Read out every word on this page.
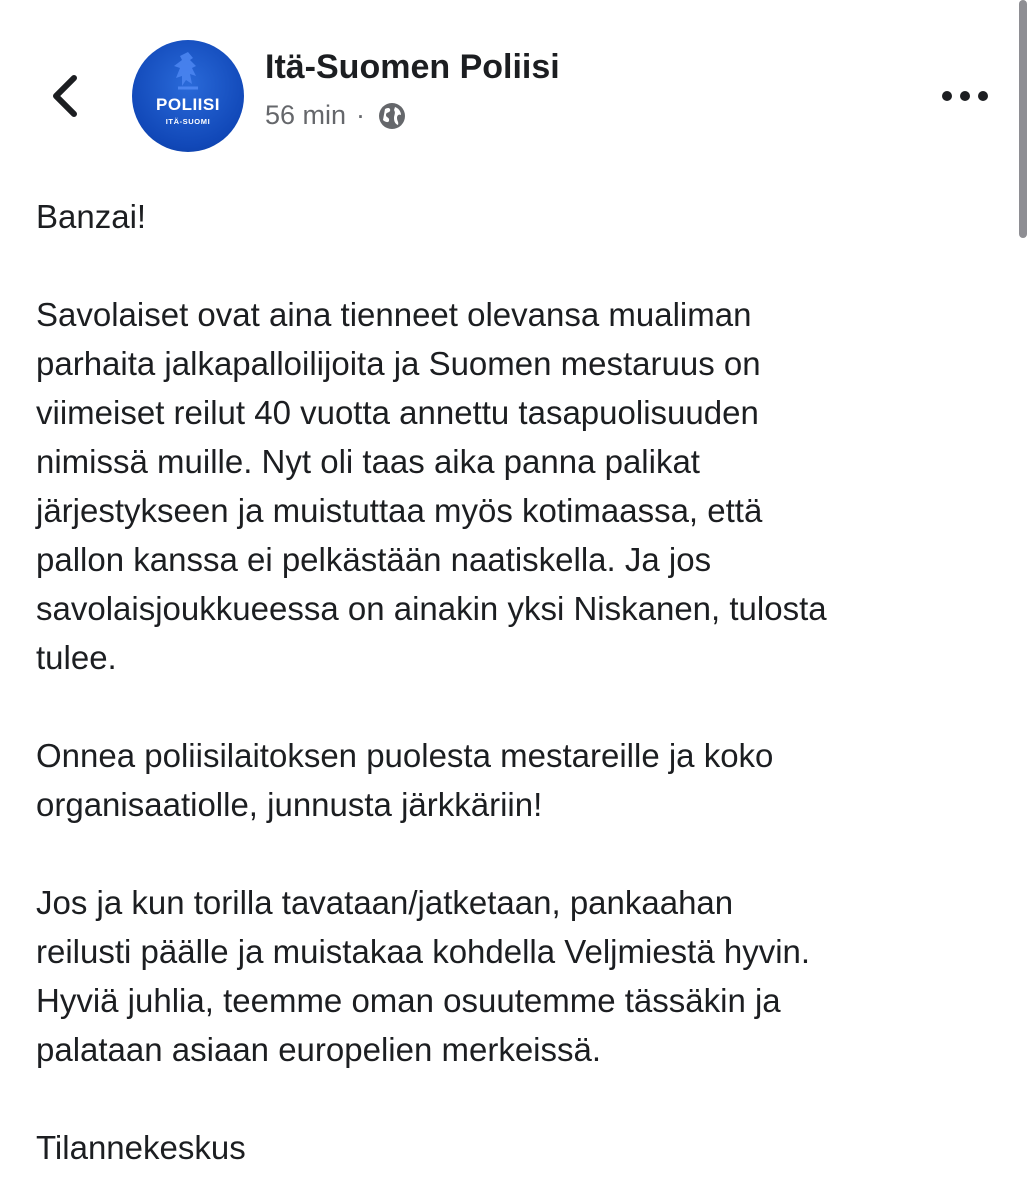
POLIISI
ITÄ-SUOMI
Itä-Suomen Poliisi
56 min ·

Banzai!

Savolaiset ovat aina tienneet olevansa mualiman
parhaita jalkapalloilijoita ja Suomen mestaruus on
viimeiset reilut 40 vuotta annettu tasapuolisuuden
nimissä muille. Nyt oli taas aika panna palikat
järjestykseen ja muistuttaa myös kotimaassa, että
pallon kanssa ei pelkästään naatiskella. Ja jos
savolaisjoukkueessa on ainakin yksi Niskanen, tulosta
tulee.

Onnea poliisilaitoksen puolesta mestareille ja koko
organisaatiolle, junnusta järkkäriin!

Jos ja kun torilla tavataan/jatketaan, pankaahan
reilusti päälle ja muistakaa kohdella Veljmiestä hyvin.
Hyviä juhlia, teemme oman osuutemme tässäkin ja
palataan asiaan europelien merkeissä.

Tilannekeskus
